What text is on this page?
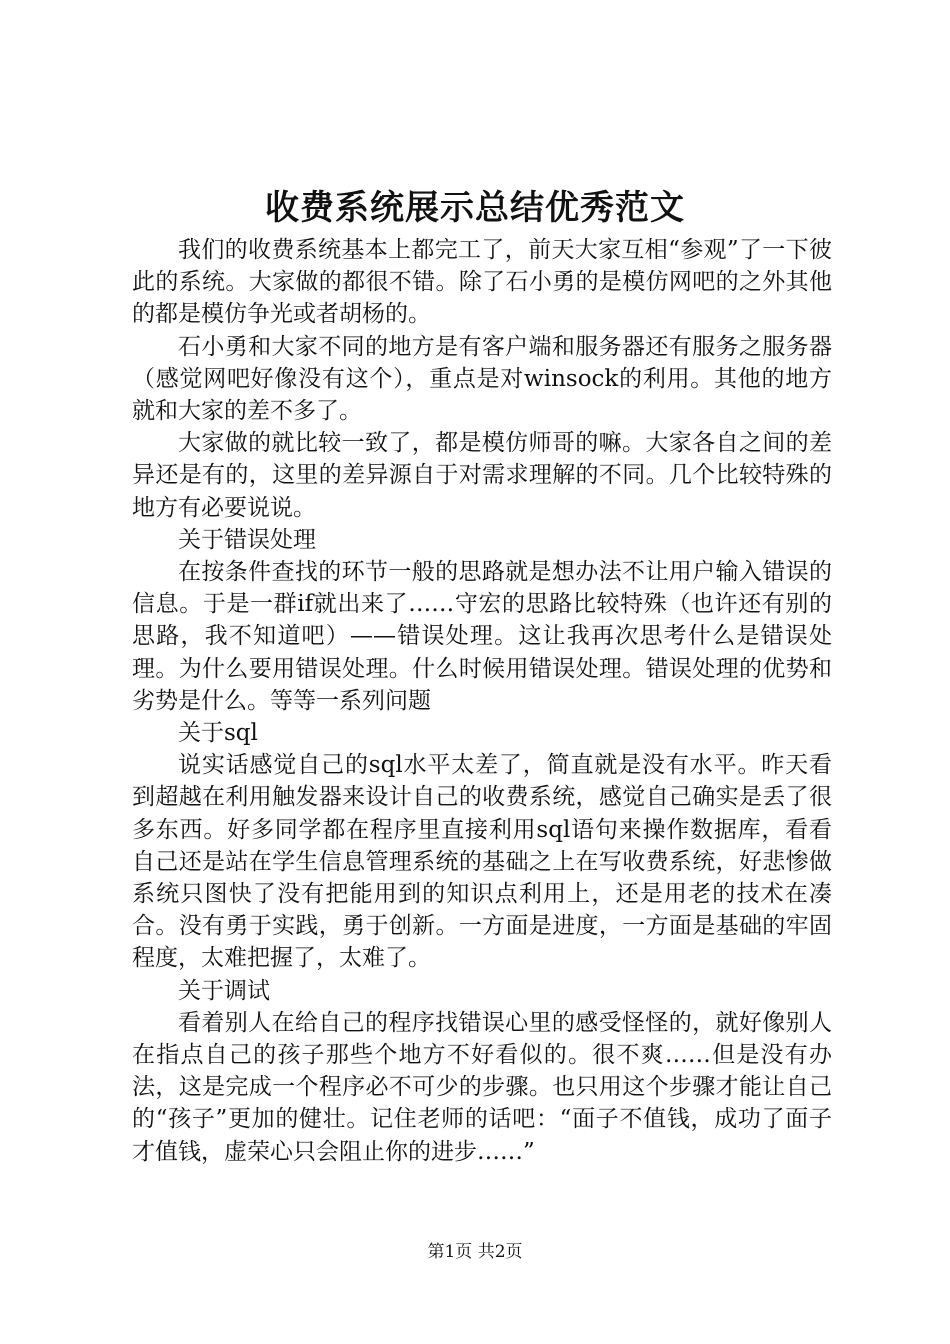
收费系统展示总结优秀范文

我们的收费系统基本上都完工了，前天大家互相“参观”了一下彼此的系统。大家做的都很不错。除了石小勇的是模仿网吧的之外其他的都是模仿争光或者胡杨的。

石小勇和大家不同的地方是有客户端和服务器还有服务之服务器（感觉网吧好像没有这个），重点是对winsock的利用。其他的地方就和大家的差不多了。

大家做的就比较一致了，都是模仿师哥的嘛。大家各自之间的差异还是有的，这里的差异源自于对需求理解的不同。几个比较特殊的地方有必要说说。

关于错误处理

在按条件查找的环节一般的思路就是想办法不让用户输入错误的信息。于是一群if就出来了……守宏的思路比较特殊（也许还有别的思路，我不知道吧）——错误处理。这让我再次思考什么是错误处理。为什么要用错误处理。什么时候用错误处理。错误处理的优势和劣势是什么。等等一系列问题

关于sql

说实话感觉自己的sql水平太差了，简直就是没有水平。昨天看到超越在利用触发器来设计自己的收费系统，感觉自己确实是丢了很多东西。好多同学都在程序里直接利用sql语句来操作数据库，看看自己还是站在学生信息管理系统的基础之上在写收费系统，好悲惨做系统只图快了没有把能用到的知识点利用上，还是用老的技术在凑合。没有勇于实践，勇于创新。一方面是进度，一方面是基础的牢固程度，太难把握了，太难了。

关于调试

看着别人在给自己的程序找错误心里的感受怪怪的，就好像别人在指点自己的孩子那些个地方不好看似的。很不爽……但是没有办法，这是完成一个程序必不可少的步骤。也只用这个步骤才能让自己的“孩子”更加的健壮。记住老师的话吧：“面子不值钱，成功了面子才值钱，虚荣心只会阻止你的进步……”

第1页 共2页
